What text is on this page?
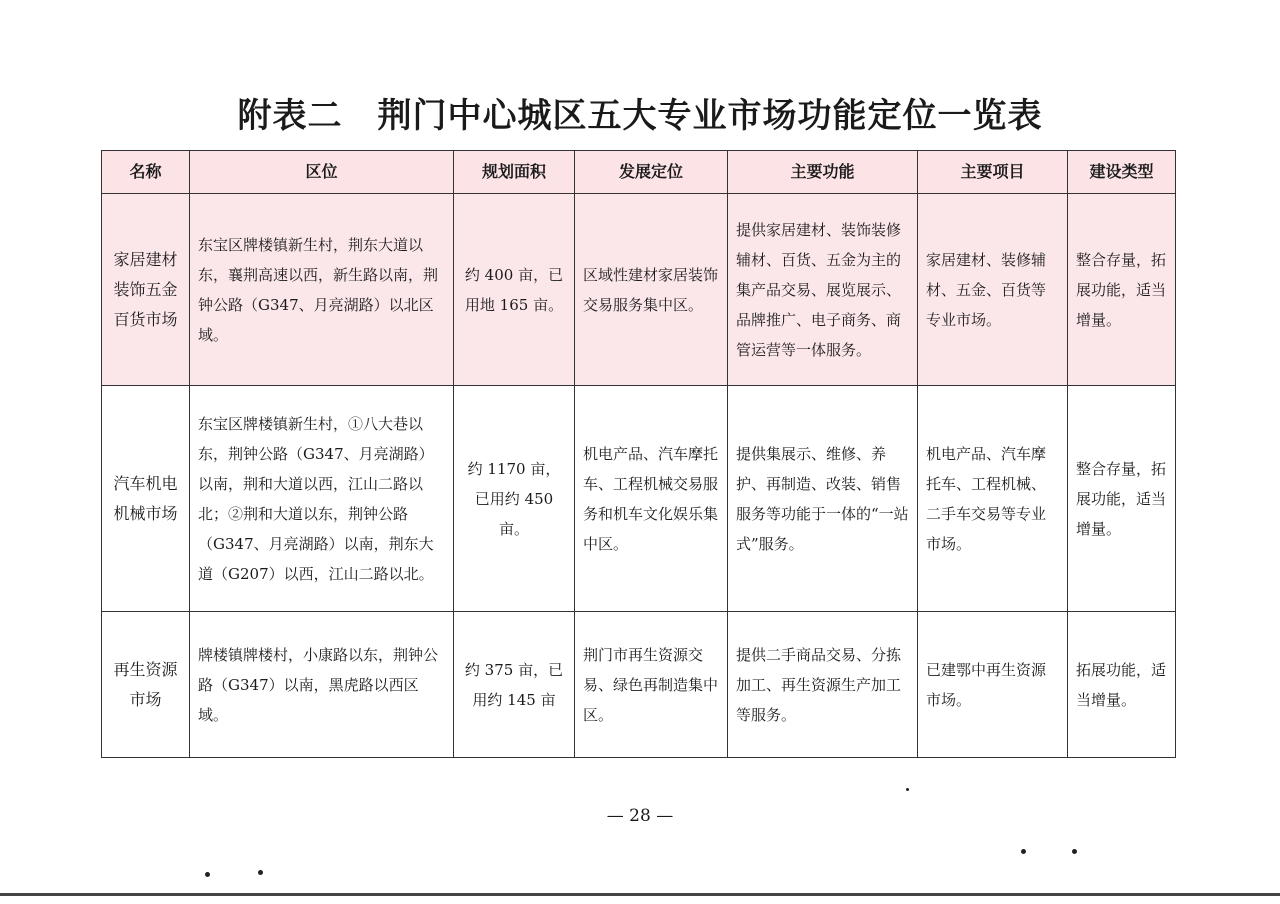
附表二　荆门中心城区五大专业市场功能定位一览表
名称	区位	规划面积	发展定位	主要功能	主要项目	建设类型
家居建材装饰五金百货市场	东宝区牌楼镇新生村，荆东大道以东，襄荆高速以西，新生路以南，荆钟公路（G347、月亮湖路）以北区域。	约 400 亩，已用地 165 亩。	区域性建材家居装饰交易服务集中区。	提供家居建材、装饰装修辅材、百货、五金为主的集产品交易、展览展示、品牌推广、电子商务、商管运营等一体服务。	家居建材、装修辅材、五金、百货等专业市场。	整合存量，拓展功能，适当增量。
汽车机电机械市场	东宝区牌楼镇新生村，①八大巷以东，荆钟公路（G347、月亮湖路）以南，荆和大道以西，江山二路以北；②荆和大道以东，荆钟公路（G347、月亮湖路）以南，荆东大道（G207）以西，江山二路以北。	约 1170 亩，已用约 450 亩。	机电产品、汽车摩托车、工程机械交易服务和机车文化娱乐集中区。	提供集展示、维修、养护、再制造、改装、销售服务等功能于一体的“一站式”服务。	机电产品、汽车摩托车、工程机械、二手车交易等专业市场。	整合存量，拓展功能，适当增量。
再生资源市场	牌楼镇牌楼村，小康路以东，荆钟公路（G347）以南，黑虎路以西区域。	约 375 亩，已用约 145 亩	荆门市再生资源交易、绿色再制造集中区。	提供二手商品交易、分拣加工、再生资源生产加工等服务。	已建鄂中再生资源市场。	拓展功能，适当增量。
— 28 —
